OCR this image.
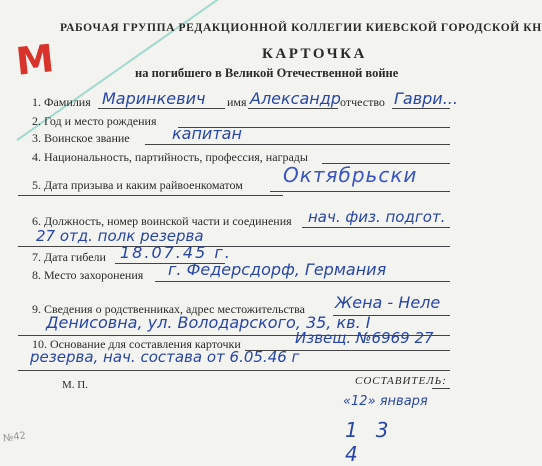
М
РАБОЧАЯ ГРУППА РЕДАКЦИОННОЙ КОЛЛЕГИИ КИЕВСКОЙ ГОРОДСКОЙ КН
КАРТОЧКА
на погибшего в Великой Отечественной войне
1. Фамилия Маринкевич имя Александр отчество Гаври...
2. Год и место рождения
3. Воинское звание	капитан
4. Национальность, партийность, профессия, награды
5. Дата призыва и каким райвоенкоматом Октябрьски
6. Должность, номер воинской части и соединения нач. физ. подгот.
27 отд. полк резерва
7. Дата гибели 18.07.45 г.
8. Место захоронения г. Федерсдорф, Германия
9. Сведения о родственниках, адрес местожительства Жена - Неле
Денисовна, ул. Володарского, 35, кв. I
10. Основание для составления карточки	Извещ. №6969 27
резерва, нач. состава от 6.05.46 г
М. П.	СОСТАВИТЕЛЬ:
«12» января
13 4
№42
